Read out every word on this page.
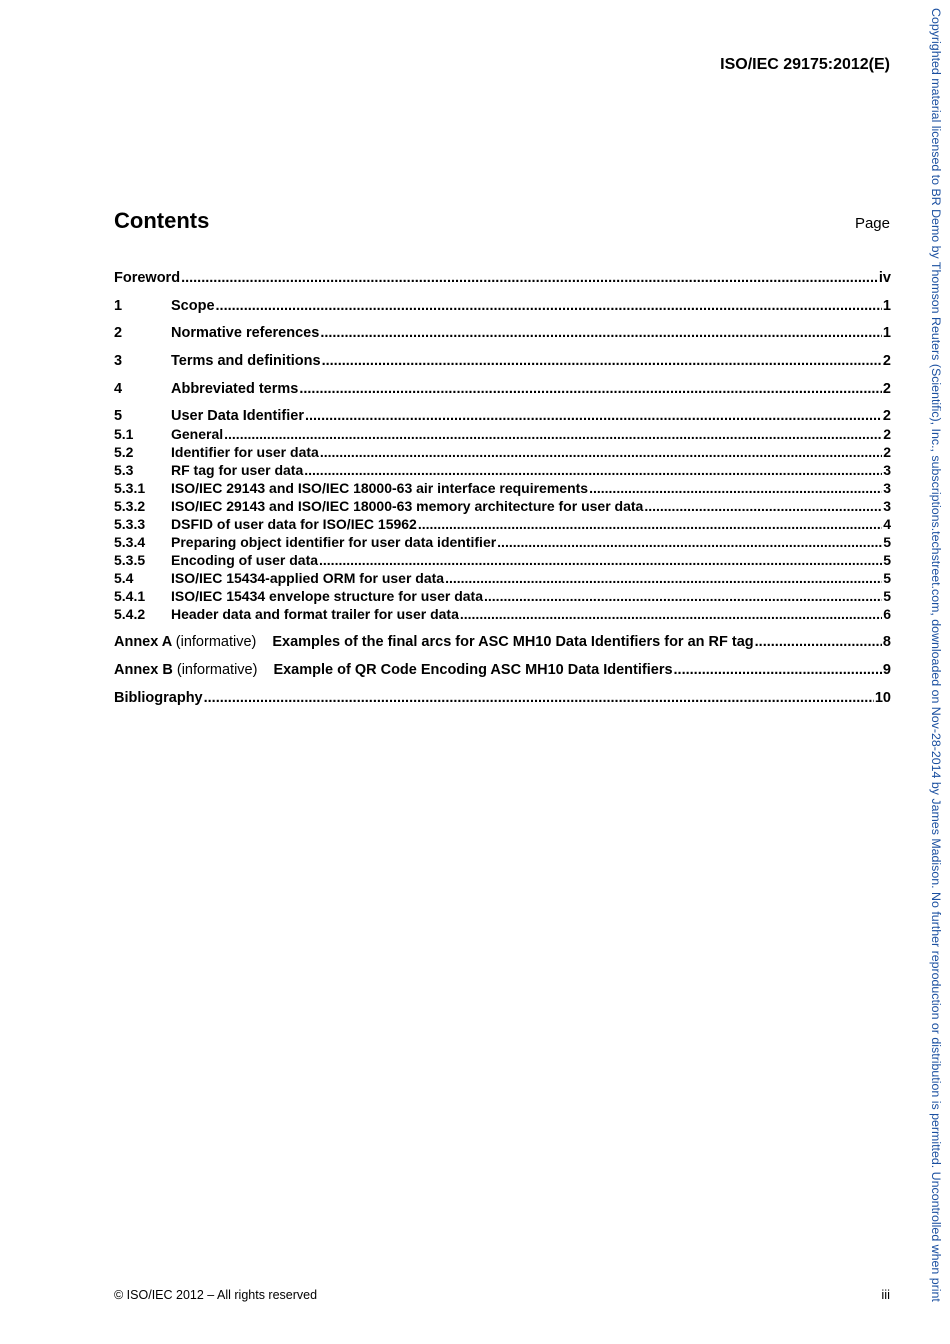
ISO/IEC 29175:2012(E)
Contents	Page
Foreword .....	iv
1	Scope .....	1
2	Normative references .....	1
3	Terms and definitions .....	2
4	Abbreviated terms .....	2
5	User Data Identifier .....	2
5.1	General .....	2
5.2	Identifier for user data .....	2
5.3	RF tag for user data .....	3
5.3.1	ISO/IEC 29143 and ISO/IEC 18000-63 air interface requirements .....	3
5.3.2	ISO/IEC 29143 and ISO/IEC 18000-63 memory architecture for user data .....	3
5.3.3	DSFID of user data for ISO/IEC 15962 .....	4
5.3.4	Preparing object identifier for user data identifier .....	5
5.3.5	Encoding of user data .....	5
5.4	ISO/IEC 15434-applied ORM for user data .....	5
5.4.1	ISO/IEC 15434 envelope structure for user data .....	5
5.4.2	Header data and format trailer for user data .....	6
Annex A (informative)	Examples of the final arcs for ASC MH10 Data Identifiers for an RF tag .....	8
Annex B (informative)	Example of QR Code Encoding ASC MH10 Data Identifiers .....	9
Bibliography .....	10
© ISO/IEC 2012 – All rights reserved	iii	Copyrighted material licensed to BR Demo by Thomson Reuters (Scientific), Inc., subscriptions.techstreet.com, downloaded on Nov-28-2014 by James Madison. No further reproduction or distribution is permitted. Uncontrolled when print
